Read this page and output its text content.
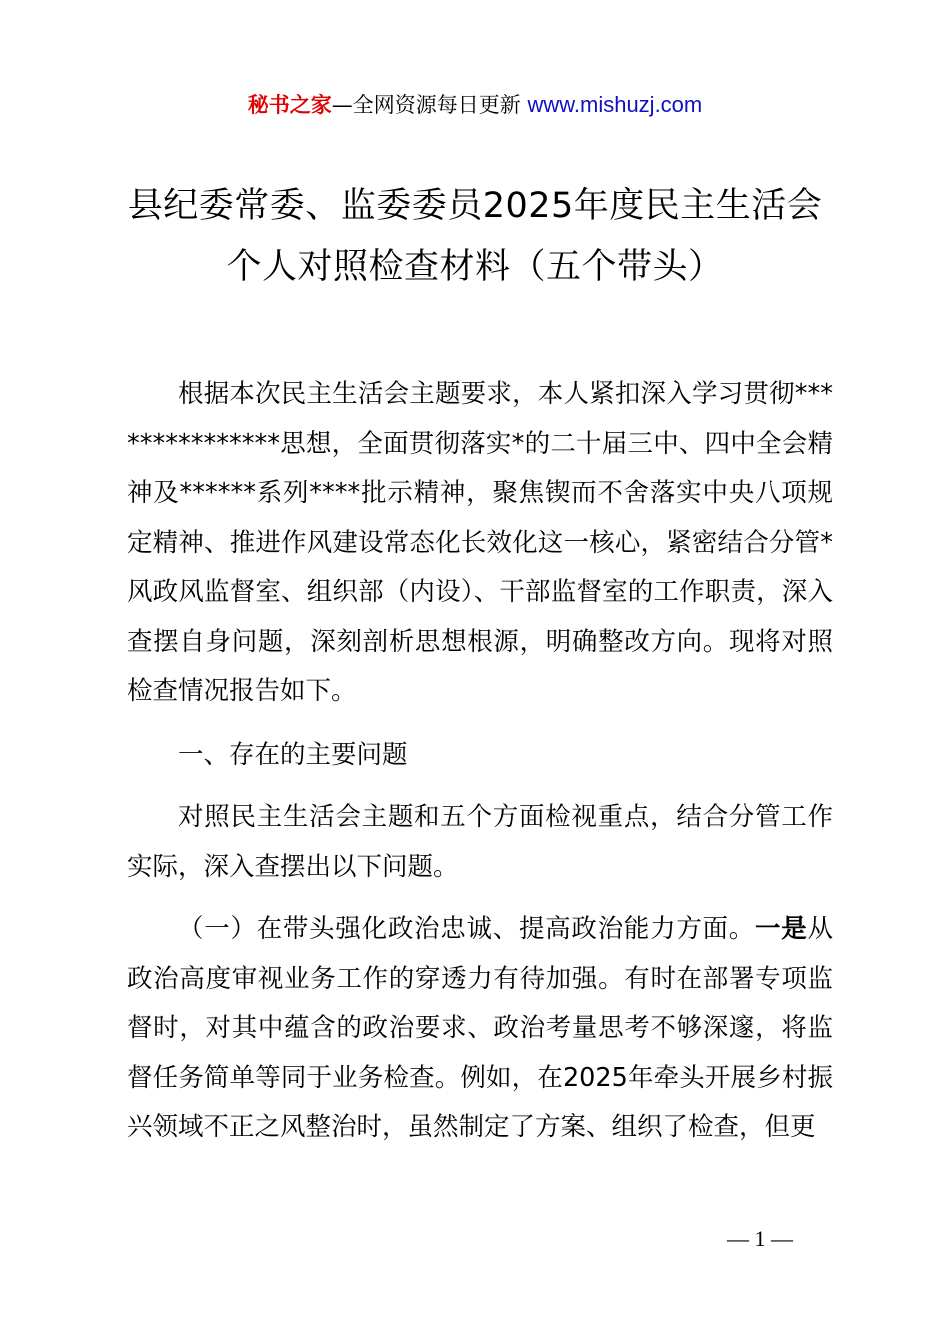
秘书之家—全网资源每日更新 www.mishuzj.com
县纪委常委、监委委员2025年度民主生活会
个人对照检查材料（五个带头）

根据本次民主生活会主题要求，本人紧扣深入学习贯彻***************思想，全面贯彻落实*的二十届三中、四中全会精神及******系列****批示精神，聚焦锲而不舍落实中央八项规定精神、推进作风建设常态化长效化这一核心，紧密结合分管*风政风监督室、组织部（内设）、干部监督室的工作职责，深入查摆自身问题，深刻剖析思想根源，明确整改方向。现将对照检查情况报告如下。

一、存在的主要问题

对照民主生活会主题和五个方面检视重点，结合分管工作实际，深入查摆出以下问题。

（一）在带头强化政治忠诚、提高政治能力方面。一是从政治高度审视业务工作的穿透力有待加强。有时在部署专项监督时，对其中蕴含的政治要求、政治考量思考不够深邃，将监督任务简单等同于业务检查。例如，在2025年牵头开展乡村振兴领域不正之风整治时，虽然制定了方案、组织了检查，但更

— 1 —
